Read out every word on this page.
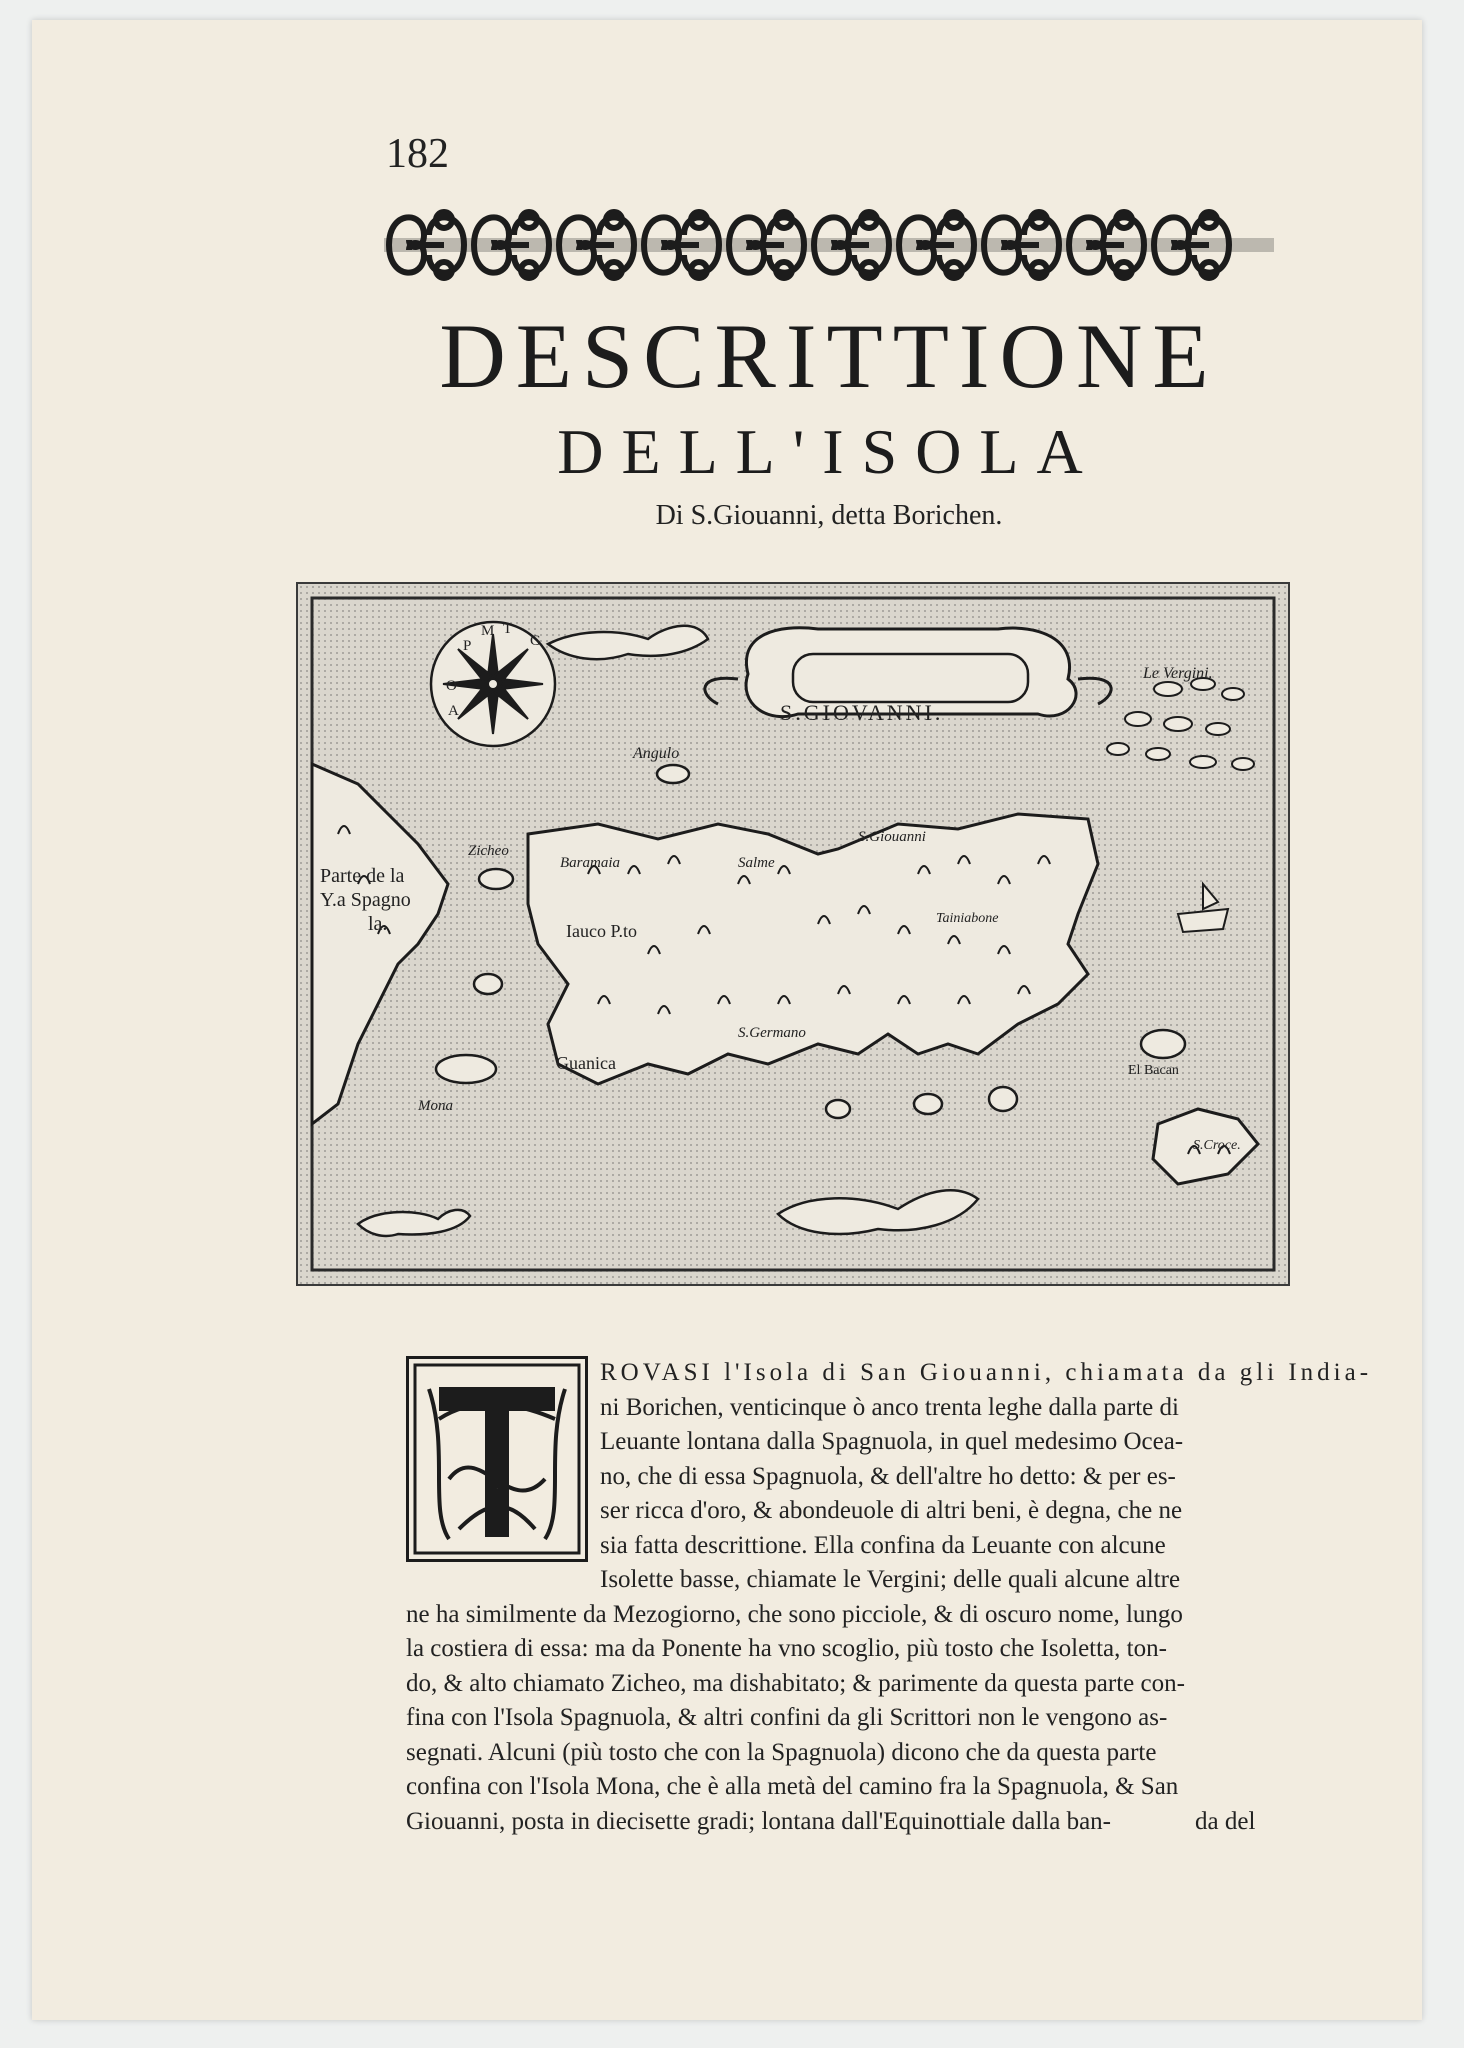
182
DESCRITTIONE
DELL'ISOLA
Di S.Giouanni, detta Borichen.
S.GIOVANNI.
P
M T
G
O
A
Le Vergini.
Angulo
Zicheo
Parte de la
Y.a Spagno
la.
Baramaia
Iauco P.to
Salme
S.Giouanni
Tainiabone
S.Germano
Guanica
Mona
El Bacan
S.Croce.
T
ROVASI l'Isola di San Giouanni, chiamata da gli India-
ni Borichen, venticinque ò anco trenta leghe dalla parte di
Leuante lontana dalla Spagnuola, in quel medesimo Ocea-
no, che di essa Spagnuola, & dell'altre ho detto: & per es-
ser ricca d'oro, & abondeuole di altri beni, è degna, che ne
sia fatta descrittione. Ella confina da Leuante con alcune
Isolette basse, chiamate le Vergini; delle quali alcune altre
ne ha similmente da Mezogiorno, che sono picciole, & di oscuro nome, lungo
la costiera di essa: ma da Ponente ha vno scoglio, più tosto che Isoletta, ton-
do, & alto chiamato Zicheo, ma dishabitato; & parimente da questa parte con-
fina con l'Isola Spagnuola, & altri confini da gli Scrittori non le vengono as-
segnati. Alcuni (più tosto che con la Spagnuola) dicono che da questa parte
confina con l'Isola Mona, che è alla metà del camino fra la Spagnuola, & San
Giouanni, posta in diecisette gradi; lontana dall'Equinottiale dalla ban-	da del
